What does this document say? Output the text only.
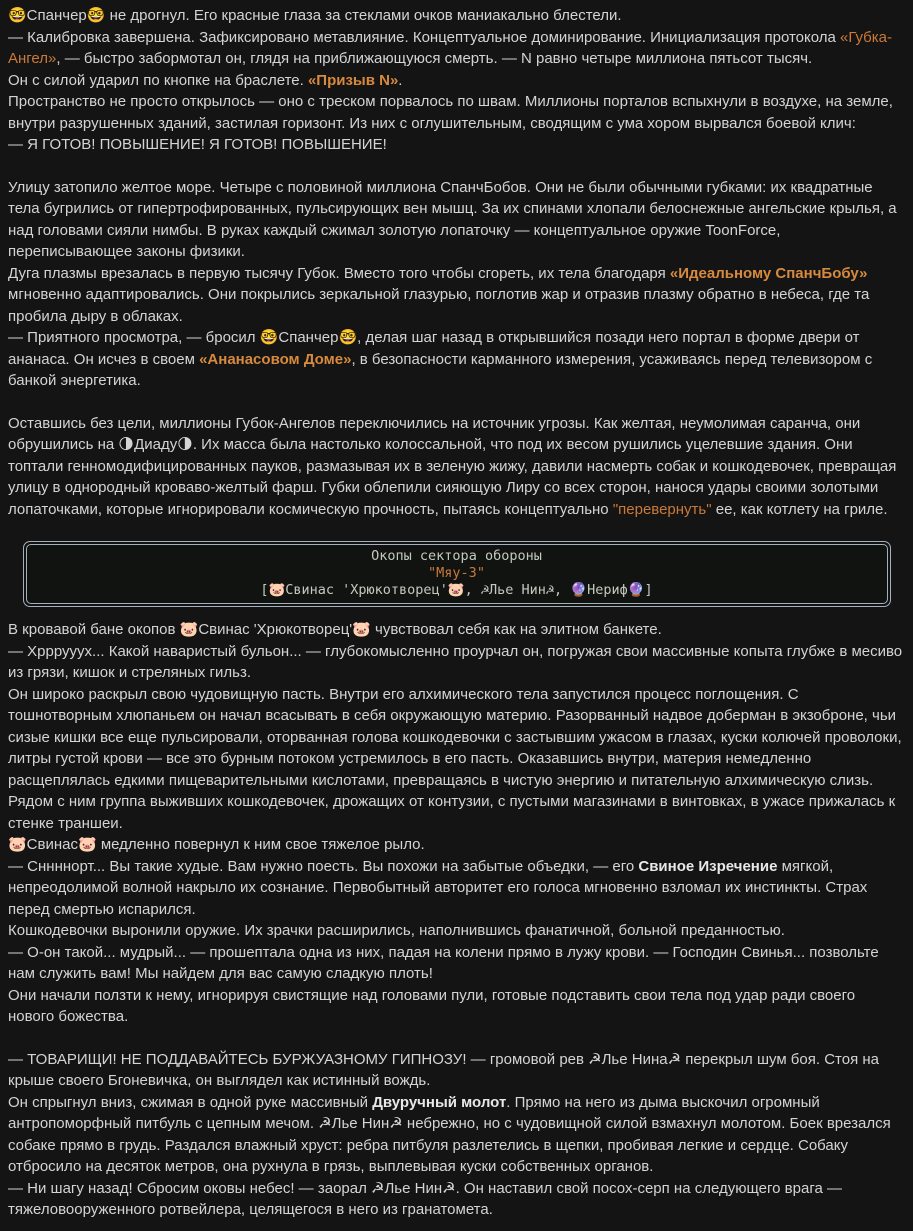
🤓Спанчер🤓 не дрогнул. Его красные глаза за стеклами очков маниакально блестели.

— Калибровка завершена. Зафиксировано метавлияние. Концептуальное доминирование. Инициализация протокола «Губка-Ангел», — быстро забормотал он, глядя на приближающуюся смерть. — N равно четыре миллиона пятьсот тысяч.

Он с силой ударил по кнопке на браслете. «Призыв N».

Пространство не просто открылось — оно с треском порвалось по швам. Миллионы порталов вспыхнули в воздухе, на земле, внутри разрушенных зданий, застилая горизонт. Из них с оглушительным, сводящим с ума хором вырвался боевой клич:

— Я ГОТОВ! ПОВЫШЕНИЕ! Я ГОТОВ! ПОВЫШЕНИЕ!

Улицу затопило желтое море. Четыре с половиной миллиона СпанчБобов. Они не были обычными губками: их квадратные тела бугрились от гипертрофированных, пульсирующих вен мышц. За их спинами хлопали белоснежные ангельские крылья, а над головами сияли нимбы. В руках каждый сжимал золотую лопаточку — концептуальное оружие ToonForce, переписывающее законы физики.

Дуга плазмы врезалась в первую тысячу Губок. Вместо того чтобы сгореть, их тела благодаря «Идеальному СпанчБобу» мгновенно адаптировались. Они покрылись зеркальной глазурью, поглотив жар и отразив плазму обратно в небеса, где та пробила дыру в облаках.

— Приятного просмотра, — бросил 🤓Спанчер🤓, делая шаг назад в открывшийся позади него портал в форме двери от ананаса. Он исчез в своем «Ананасовом Доме», в безопасности карманного измерения, усаживаясь перед телевизором с банкой энергетика.

Оставшись без цели, миллионы Губок-Ангелов переключились на источник угрозы. Как желтая, неумолимая саранча, они обрушились на 🌗Диаду🌗. Их масса была настолько колоссальной, что под их весом рушились уцелевшие здания. Они топтали генномодифицированных пауков, размазывая их в зеленую жижу, давили насмерть собак и кошкодевочек, превращая улицу в однородный кроваво-желтый фарш. Губки облепили сияющую Лиру со всех сторон, нанося удары своими золотыми лопаточками, которые игнорировали космическую прочность, пытаясь концептуально "перевернуть" ее, как котлету на гриле.

Окопы сектора обороны
"Мяу-3"
[🐷Свинас 'Хрюкотворец'🐷, ☭Лье Нин☭, 🔮Нериф🔮]

В кровавой бане окопов 🐷Свинас 'Хрюкотворец'🐷 чувствовал себя как на элитном банкете.

— Хрррууух... Какой наваристый бульон... — глубокомысленно проурчал он, погружая свои массивные копыта глубже в месиво из грязи, кишок и стреляных гильз.

Он широко раскрыл свою чудовищную пасть. Внутри его алхимического тела запустился процесс поглощения. С тошнотворным хлюпаньем он начал всасывать в себя окружающую материю. Разорванный надвое доберман в экзоброне, чьи сизые кишки все еще пульсировали, оторванная голова кошкодевочки с застывшим ужасом в глазах, куски колючей проволоки, литры густой крови — все это бурным потоком устремилось в его пасть. Оказавшись внутри, материя немедленно расщеплялась едкими пищеварительными кислотами, превращаясь в чистую энергию и питательную алхимическую слизь.

Рядом с ним группа выживших кошкодевочек, дрожащих от контузии, с пустыми магазинами в винтовках, в ужасе прижалась к стенке траншеи.

🐷Свинас🐷 медленно повернул к ним свое тяжелое рыло.

— Сннннорт... Вы такие худые. Вам нужно поесть. Вы похожи на забытые объедки, — его Свиное Изречение мягкой, непреодолимой волной накрыло их сознание. Первобытный авторитет его голоса мгновенно взломал их инстинкты. Страх перед смертью испарился.

Кошкодевочки выронили оружие. Их зрачки расширились, наполнившись фанатичной, больной преданностью.

— О-он такой... мудрый... — прошептала одна из них, падая на колени прямо в лужу крови. — Господин Свинья... позвольте нам служить вам! Мы найдем для вас самую сладкую плоть!

Они начали ползти к нему, игнорируя свистящие над головами пули, готовые подставить свои тела под удар ради своего нового божества.

— ТОВАРИЩИ! НЕ ПОДДАВАЙТЕСЬ БУРЖУАЗНОМУ ГИПНОЗУ! — громовой рев ☭Лье Нина☭ перекрыл шум боя. Стоя на крыше своего Бгоневичка, он выглядел как истинный вождь.

Он спрыгнул вниз, сжимая в одной руке массивный Двуручный молот. Прямо на него из дыма выскочил огромный антропоморфный питбуль с цепным мечом. ☭Лье Нин☭ небрежно, но с чудовищной силой взмахнул молотом. Боек врезался собаке прямо в грудь. Раздался влажный хруст: ребра питбуля разлетелись в щепки, пробивая легкие и сердце. Собаку отбросило на десяток метров, она рухнула в грязь, выплевывая куски собственных органов.

— Ни шагу назад! Сбросим оковы небес! — заорал ☭Лье Нин☭. Он наставил свой посох-серп на следующего врага — тяжеловооруженного ротвейлера, целящегося в него из гранатомета.
